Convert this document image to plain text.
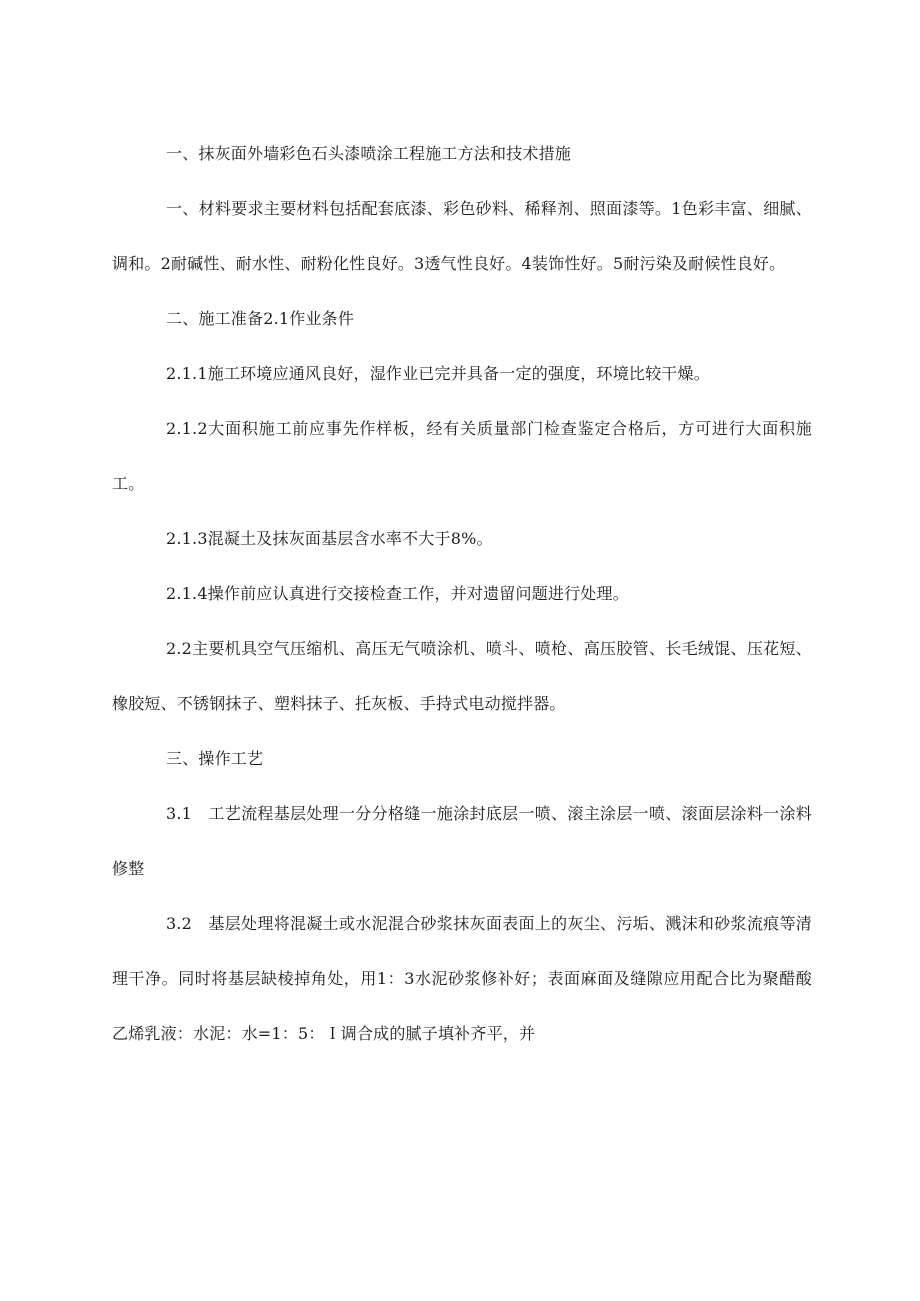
一、抹灰面外墙彩色石头漆喷涂工程施工方法和技术措施

一、材料要求主要材料包括配套底漆、彩色砂料、稀释剂、照面漆等。1色彩丰富、细腻、调和。2耐碱性、耐水性、耐粉化性良好。3透气性良好。4装饰性好。5耐污染及耐候性良好。

二、施工准备2.1作业条件

2.1.1施工环境应通风良好，湿作业已完并具备一定的强度，环境比较干燥。

2.1.2大面积施工前应事先作样板，经有关质量部门检查鉴定合格后，方可进行大面积施工。

2.1.3混凝土及抹灰面基层含水率不大于8%。

2.1.4操作前应认真进行交接检查工作，并对遗留问题进行处理。

2.2主要机具空气压缩机、高压无气喷涂机、喷斗、喷枪、高压胶管、长毛绒馄、压花短、橡胶短、不锈钢抹子、塑料抹子、托灰板、手持式电动搅拌器。

三、操作工艺

3.1　工艺流程基层处理一分分格缝一施涂封底层一喷、滚主涂层一喷、滚面层涂料一涂料修整

3.2　基层处理将混凝土或水泥混合砂浆抹灰面表面上的灰尘、污垢、溅沫和砂浆流痕等清理干净。同时将基层缺棱掉角处，用1：3水泥砂浆修补好；表面麻面及缝隙应用配合比为聚醋酸乙烯乳液：水泥：水=1：5：Ｉ调合成的腻子填补齐平，并
